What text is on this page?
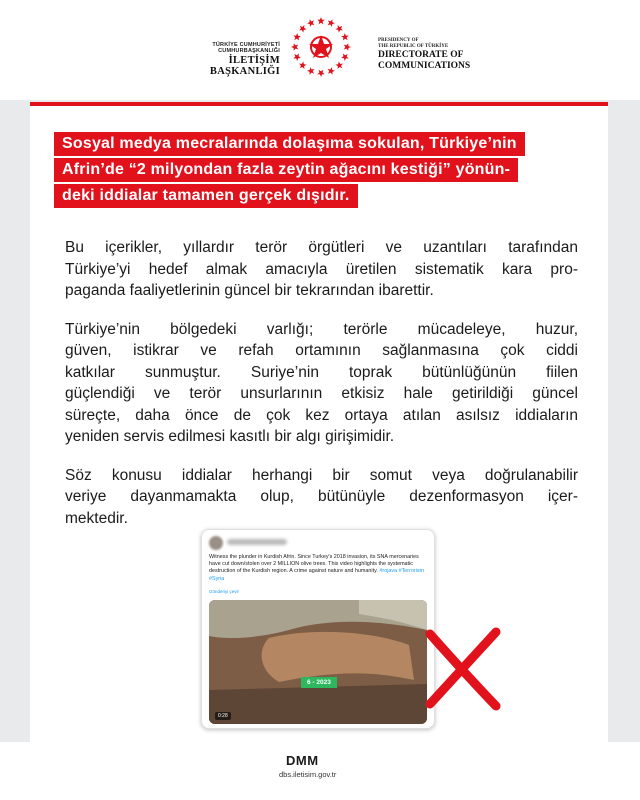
TÜRKİYE CUMHURİYETİ CUMHURBAŞKANLIĞI
İLETİŞİM BAŞKANLIĞI
PRESIDENCY OF
THE REPUBLIC OF TÜRKİYE
DIRECTORATE OF
COMMUNICATIONS
Sosyal medya mecralarında dolaşıma sokulan, Türkiye’nin
Afrin’de “2 milyondan fazla zeytin ağacını kestiği” yönün-
deki iddialar tamamen gerçek dışıdır.

Bu içerikler, yıllardır terör örgütleri ve uzantıları tarafından
Türkiye’yi hedef almak amacıyla üretilen sistematik kara pro-
paganda faaliyetlerinin güncel bir tekrarından ibarettir.

Türkiye’nin bölgedeki varlığı; terörle mücadeleye, huzur,
güven, istikrar ve refah ortamının sağlanmasına çok ciddi
katkılar sunmuştur. Suriye’nin toprak bütünlüğünün fiilen
güçlendiği ve terör unsurlarının etkisiz hale getirildiği güncel
süreçte, daha önce de çok kez ortaya atılan asılsız iddiaların
yeniden servis edilmesi kasıtlı bir algı girişimidir.

Söz konusu iddialar herhangi bir somut veya doğrulanabilir
veriye dayanmamakta olup, bütünüyle dezenformasyon içer-
mektedir.

Witness the plunder in Kurdish Afrin. Since Turkey's 2018 invasion, its SNA mercenaries have cut down/stolen over 2 MILLION olive trees. This video highlights the systematic destruction of the Kurdish region. A crime against nature and humanity. #rojava #Terrorism #Syria
Gönderiyi çevir
6 - 2023
0:28
DMM
dbs.iletisim.gov.tr
